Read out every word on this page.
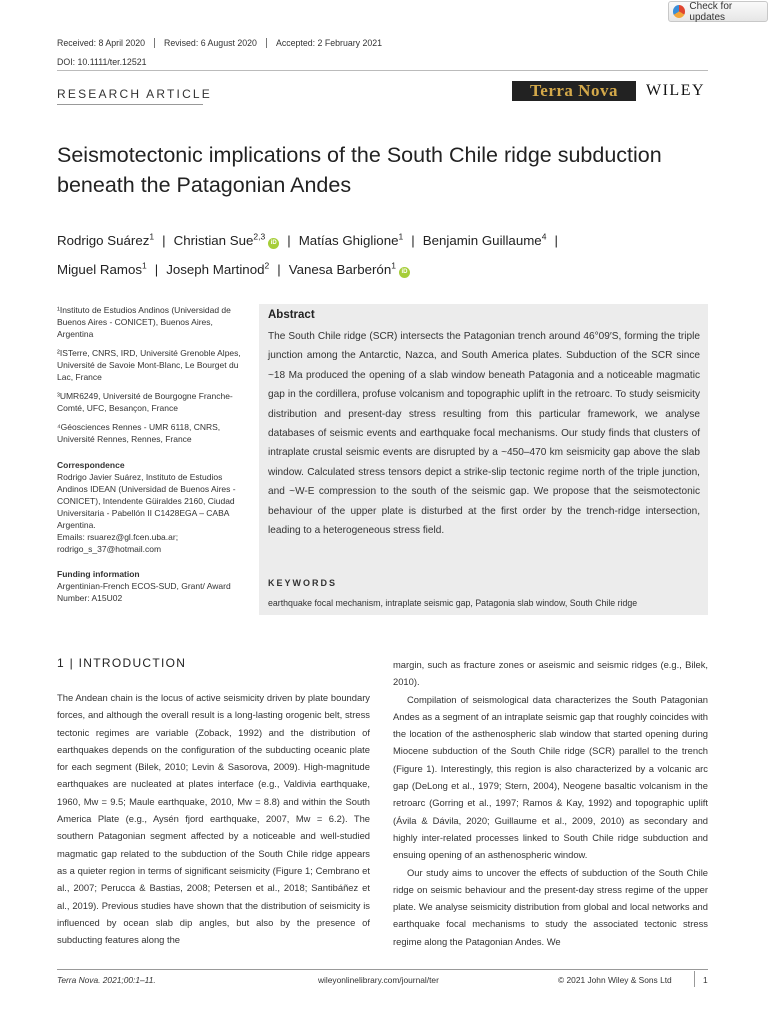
Check for updates
Received: 8 April 2020	Revised: 6 August 2020	Accepted: 2 February 2021
DOI: 10.1111/ter.12521
RESEARCH ARTICLE	Terra Nova	WILEY
Seismotectonic implications of the South Chile ridge subduction beneath the Patagonian Andes
Rodrigo Suárez$^1$ | Christian Sue$^{2,3}$iD | Matías Ghiglione$^1$ | Benjamin Guillaume$^4$ |
Miguel Ramos$^1$ | Joseph Martinod$^2$ | Vanesa Barberón$^1$iD

¹Instituto de Estudios Andinos (Universidad de Buenos Aires - CONICET), Buenos Aires, Argentina

²ISTerre, CNRS, IRD, Université Grenoble Alpes, Université de Savoie Mont-Blanc, Le Bourget du Lac, France

³UMR6249, Université de Bourgogne Franche-Comté, UFC, Besançon, France

⁴Géosciences Rennes - UMR 6118, CNRS, Université Rennes, Rennes, France

Correspondence

Rodrigo Javier Suárez, Instituto de Estudios Andinos IDEAN (Universidad de Buenos Aires - CONICET), Intendente Güiraldes 2160, Ciudad Universitaria - Pabellón II C1428EGA – CABA Argentina.

Emails: rsuarez@gl.fcen.uba.ar; rodrigo_s_37@hotmail.com

Funding information

Argentinian-French ECOS-SUD, Grant/ Award Number: A15U02

Abstract
The South Chile ridge (SCR) intersects the Patagonian trench around 46°09′S, forming the triple junction among the Antarctic, Nazca, and South America plates. Subduction of the SCR since ~18 Ma produced the opening of a slab window beneath Patagonia and a noticeable magmatic gap in the cordillera, profuse volcanism and topographic uplift in the retroarc. To study seismicity distribution and present-day stress resulting from this particular framework, we analyse databases of seismic events and earthquake focal mechanisms. Our study finds that clusters of intraplate crustal seismic events are disrupted by a ~450–470 km seismicity gap above the slab window. Calculated stress tensors depict a strike-slip tectonic regime north of the triple junction, and ~W-E compression to the south of the seismic gap. We propose that the seismotectonic behaviour of the upper plate is disturbed at the first order by the trench-ridge intersection, leading to a heterogeneous stress field.
KEYWORDS
earthquake focal mechanism, intraplate seismic gap, Patagonia slab window, South Chile ridge
1 | INTRODUCTION

The Andean chain is the locus of active seismicity driven by plate boundary forces, and although the overall result is a long-lasting orogenic belt, stress tectonic regimes are variable (Zoback, 1992) and the distribution of earthquakes depends on the configuration of the subducting oceanic plate for each segment (Bilek, 2010; Levin & Sasorova, 2009). High-magnitude earthquakes are nucleated at plates interface (e.g., Valdivia earthquake, 1960, Mw = 9.5; Maule earthquake, 2010, Mw = 8.8) and within the South America Plate (e.g., Aysén fjord earthquake, 2007, Mw = 6.2). The southern Patagonian segment affected by a noticeable and well-studied magmatic gap related to the subduction of the South Chile ridge appears as a quieter region in terms of significant seismicity (Figure 1; Cembrano et al., 2007; Perucca & Bastias, 2008; Petersen et al., 2018; Santibáñez et al., 2019). Previous studies have shown that the distribution of seismicity is influenced by ocean slab dip angles, but also by the presence of subducting features along the

margin, such as fracture zones or aseismic and seismic ridges (e.g., Bilek, 2010).

Compilation of seismological data characterizes the South Patagonian Andes as a segment of an intraplate seismic gap that roughly coincides with the location of the asthenospheric slab window that started opening during Miocene subduction of the South Chile ridge (SCR) parallel to the trench (Figure 1). Interestingly, this region is also characterized by a volcanic arc gap (DeLong et al., 1979; Stern, 2004), Neogene basaltic volcanism in the retroarc (Gorring et al., 1997; Ramos & Kay, 1992) and topographic uplift (Ávila & Dávila, 2020; Guillaume et al., 2009, 2010) as secondary and highly inter-related processes linked to South Chile ridge subduction and ensuing opening of an asthenospheric window.

Our study aims to uncover the effects of subduction of the South Chile ridge on seismic behaviour and the present-day stress regime of the upper plate. We analyse seismicity distribution from global and local networks and earthquake focal mechanisms to study the associated tectonic stress regime along the Patagonian Andes. We

Terra Nova. 2021;00:1–11.	wileyonlinelibrary.com/journal/ter	© 2021 John Wiley & Sons Ltd	1
